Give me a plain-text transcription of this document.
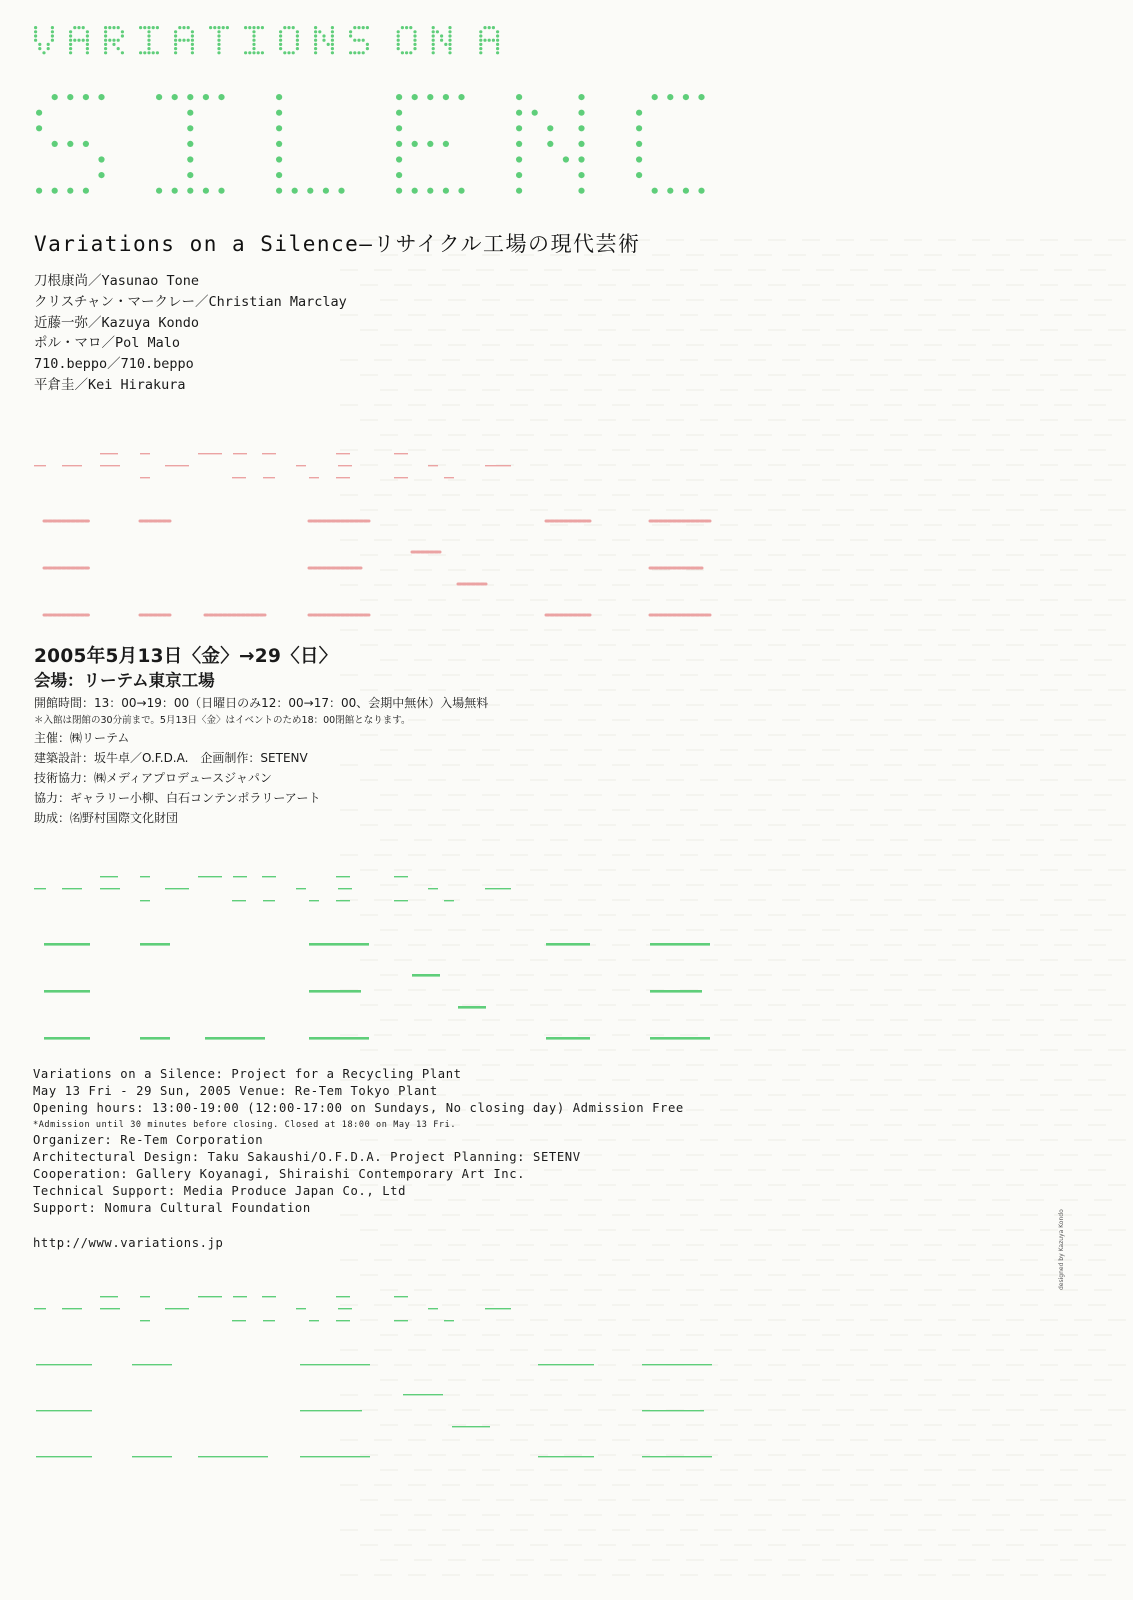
Variations on a Silence—リサイクル工場の現代芸術
刀根康尚／Yasunao Tone
クリスチャン・マークレー／Christian Marclay
近藤一弥／Kazuya Kondo
ポル・マロ／Pol Malo
710.beppo／710.beppo
平倉圭／Kei Hirakura
2005年5月13日〈金〉→29〈日〉
会場：リーテム東京工場
開館時間：13：00→19：00（日曜日のみ12：00→17：00、会期中無休）入場無料
＊入館は閉館の30分前まで。5月13日〈金〉はイベントのため18：00閉館となります。
主催：㈱リーテム
建築設計：坂牛卓／O.F.D.A.　企画制作：SETENV
技術協力：㈱メディアプロデュースジャパン
協力：ギャラリー小柳、白石コンテンポラリーアート
助成：㈴野村国際文化財団
Variations on a Silence: Project for a Recycling Plant
May 13 Fri - 29 Sun, 2005 Venue: Re-Tem Tokyo Plant
Opening hours: 13:00-19:00 (12:00-17:00 on Sundays, No closing day) Admission Free
*Admission until 30 minutes before closing. Closed at 18:00 on May 13 Fri.
Organizer: Re-Tem Corporation
Architectural Design: Taku Sakaushi/O.F.D.A. Project Planning: SETENV
Cooperation: Gallery Koyanagi, Shiraishi Contemporary Art Inc.
Technical Support: Media Produce Japan Co., Ltd
Support: Nomura Cultural Foundation
http://www.variations.jp	designed by Kazuya Kondo
